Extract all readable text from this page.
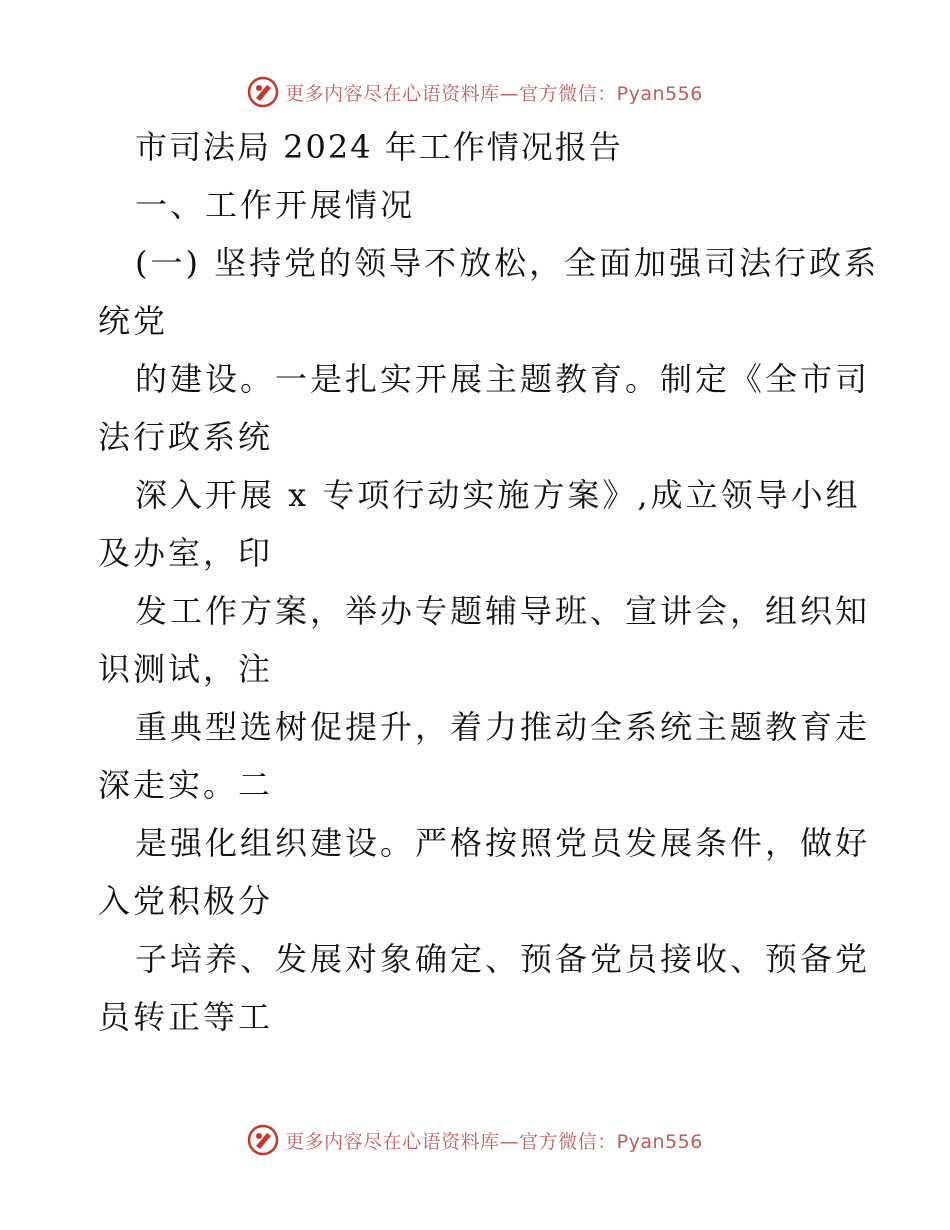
更多内容尽在心语资料库—官方微信：Pyan556
市司法局 2024 年工作情况报告
一、工作开展情况
(一) 坚持党的领导不放松，全面加强司法行政系
统党
的建设。一是扎实开展主题教育。制定《全市司
法行政系统
深入开展 x 专项行动实施方案》,成立领导小组
及办室，印
发工作方案，举办专题辅导班、宣讲会，组织知
识测试，注
重典型选树促提升，着力推动全系统主题教育走
深走实。二
是强化组织建设。严格按照党员发展条件，做好
入党积极分
子培养、发展对象确定、预备党员接收、预备党
员转正等工
更多内容尽在心语资料库—官方微信：Pyan556
